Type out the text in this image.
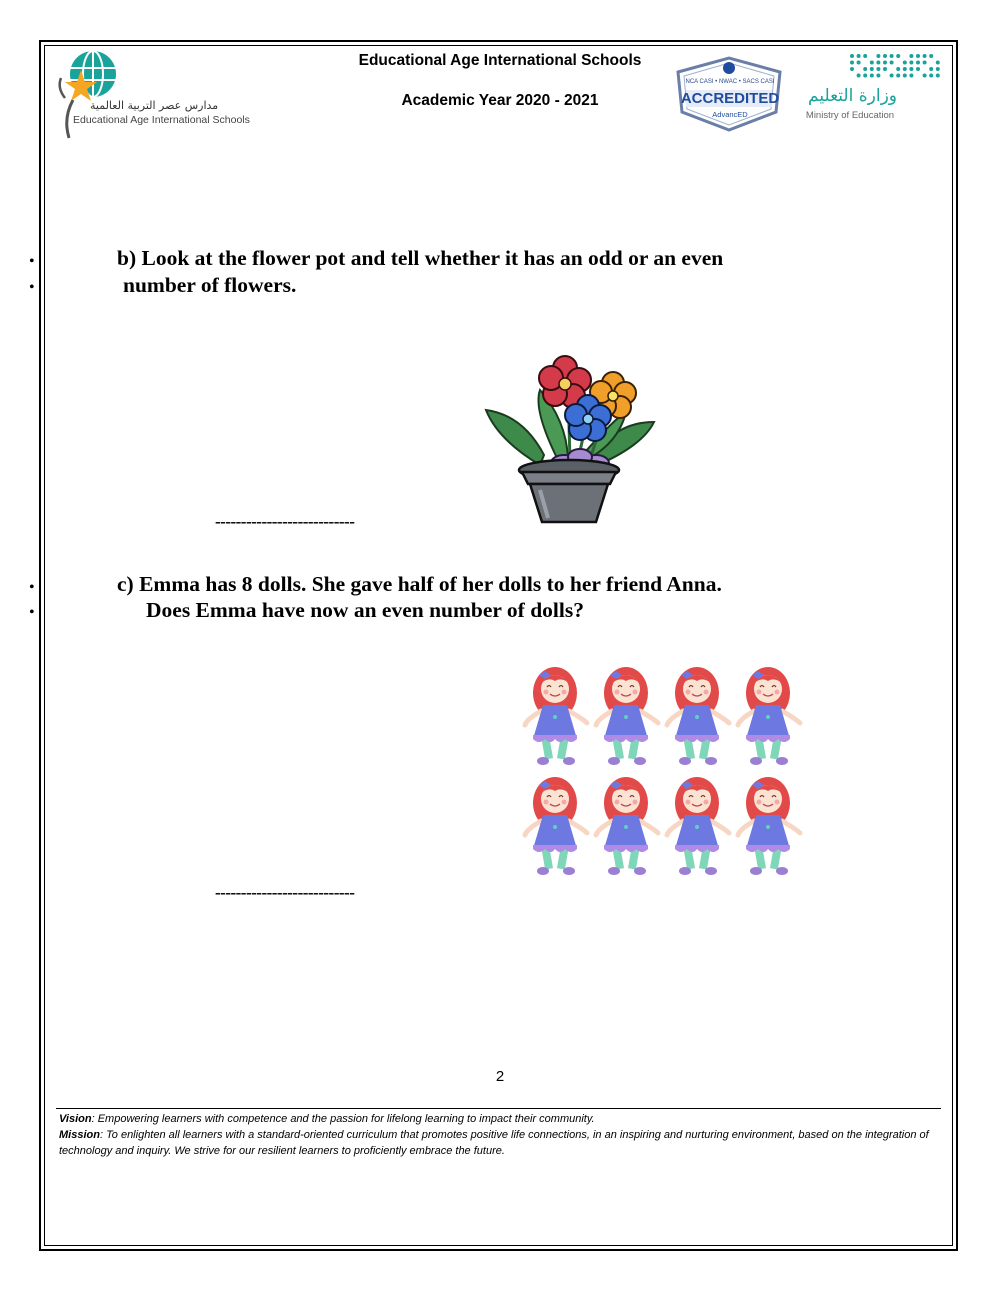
مدارس عصر التربية العالمية
Educational Age International Schools
Educational Age International Schools
Academic Year 2020 - 2021
NCA CASI • NWAC • SACS CASI
ACCREDITED
AdvancED
وزارة التعليم
Ministry of Education
•
•
•
•
b) Look at the flower pot and tell whether it has an odd or an even
number of flowers.
---------------------------
c) Emma has 8 dolls. She gave half of her dolls to her friend Anna.
Does Emma have now an even number of dolls?
---------------------------
2
Vision: Empowering learners with competence and the passion for lifelong learning to impact their community.
Mission: To enlighten all learners with a standard-oriented curriculum that promotes positive life connections, in an inspiring and nurturing environment, based on the integration of technology and inquiry. We strive for our resilient learners to proficiently embrace the future.
